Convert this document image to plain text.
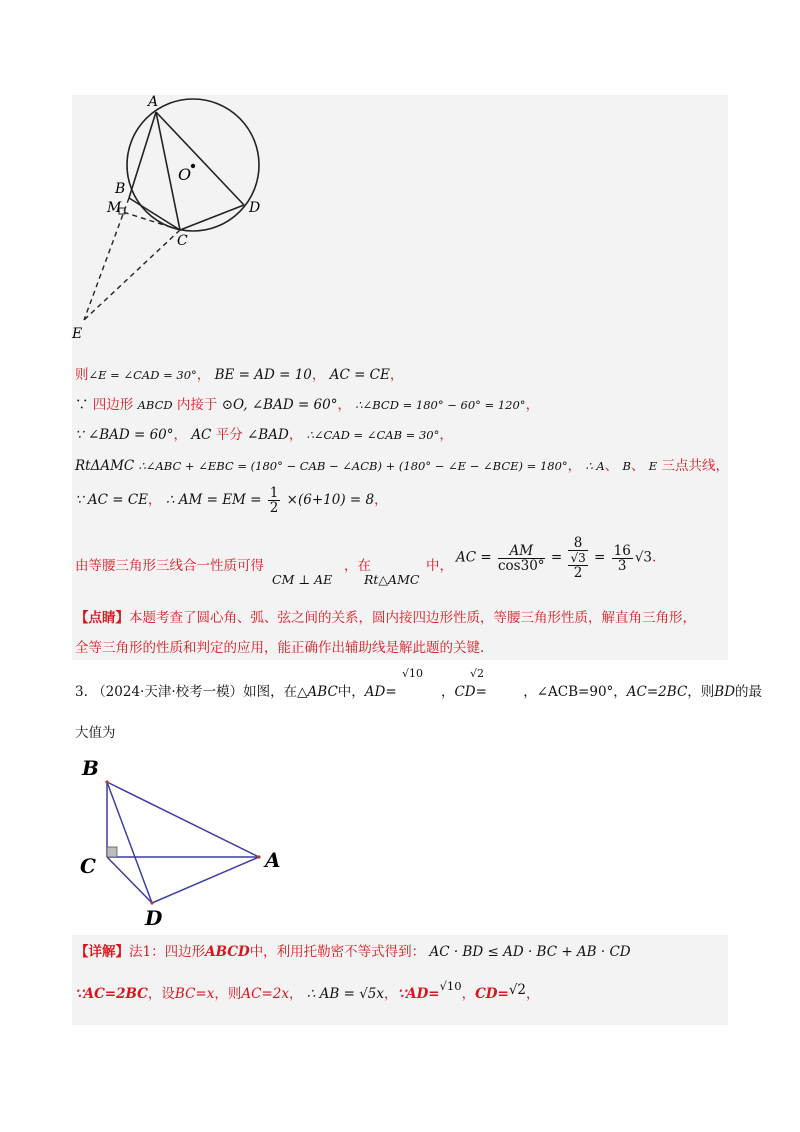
A
O
B
M	D
C
E
则∠E = ∠CAD = 30°， BE = AD = 10， AC = CE，
∵ 四边形 ABCD 内接于 ⊙O, ∠BAD = 60°， ∴∠BCD = 180° − 60° = 120°，
∵ ∠BAD = 60°， AC 平分 ∠BAD， ∴∠CAD = ∠CAB = 30°，
RtΔAMC ∴∠ABC + ∠EBC = (180° − CAB − ∠ACB) + (180° − ∠E − ∠BCE) = 180°， ∴ A、 B、 E 三点共线，
∵ AC = CE， ∴ AM = EM = $\frac{1}{2} \times(6+10) = 8$，
由等腰三角形三线合一性质可得
AC = $\frac{AM}{\cos 30^\circ}$ =
8
√3
2
= $\frac{16}{3} √3$.
CM ⊥ AE	Rt△AMC
，在	中，
【点睛】本题考查了圆心角、弧、弦之间的关系，圆内接四边形性质，等腰三角形性质，解直角三角形，
全等三角形的性质和判定的应用，能正确作出辅助线是解此题的关键.
3. （2024·天津·校考一模）如图，在△ABC中，AD=	，CD=	，∠ACB=90°，AC=2BC，则BD的最
√10	√2
大值为
B
C	A
D
【详解】法1：四边形ABCD中，利用托勒密不等式得到： AC · BD ≤ AD · BC + AB · CD
∵AC=2BC，设BC=x，则AC=2x， ∴ AB = √5x，∵AD=√10，CD=√2，
